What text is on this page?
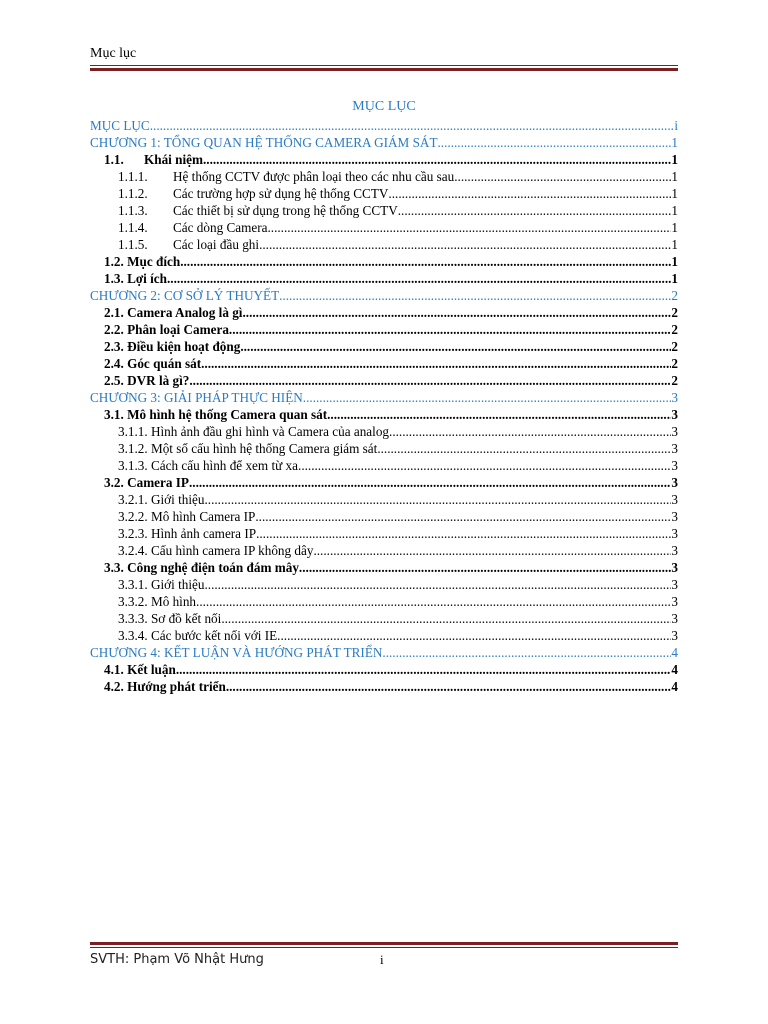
Mục lục
MỤC LỤC
MỤC LỤC .....	i
CHƯƠNG 1: TỔNG QUAN HỆ THỐNG CAMERA GIÁM SÁT .....	1
1.1. Khái niệm .....	1
1.1.1. Hệ thống CCTV được phân loại theo các nhu cầu sau .....	1
1.1.2. Các trường hợp sử dụng hệ thống CCTV .....	1
1.1.3. Các thiết bị sử dụng trong hệ thống CCTV .....	1
1.1.4. Các dòng Camera .....	1
1.1.5. Các loại đầu ghi .....	1
1.2. Mục đích .....	1
1.3. Lợi ích .....	1
CHƯƠNG 2: CƠ SỞ LÝ THUYẾT .....	2
2.1. Camera Analog là gì .....	2
2.2. Phân loại Camera .....	2
2.3. Điều kiện hoạt động .....	2
2.4. Góc quán sát .....	2
2.5. DVR là gì? .....	2
CHƯƠNG 3: GIẢI PHÁP THỰC HIỆN .....	3
3.1. Mô hình hệ thống Camera quan sát .....	3
3.1.1. Hình ảnh đầu ghi hình và Camera của analog .....	3
3.1.2. Một số cấu hình hệ thống Camera giám sát .....	3
3.1.3. Cách cấu hình để xem từ xa .....	3
3.2. Camera IP .....	3
3.2.1. Giới thiệu .....	3
3.2.2. Mô hình Camera IP .....	3
3.2.3. Hình ảnh camera IP .....	3
3.2.4. Cấu hình camera IP không dây .....	3
3.3. Công nghệ điện toán đám mây .....	3
3.3.1. Giới thiệu .....	3
3.3.2. Mô hình .....	3
3.3.3. Sơ đồ kết nối .....	3
3.3.4. Các bước kết nối với IE .....	3
CHƯƠNG 4: KẾT LUẬN VÀ HƯỚNG PHÁT TRIỂN .....	4
4.1. Kết luận .....	4
4.2. Hướng phát triển .....	4
SVTH: Phạm Võ Nhật Hưng	i
